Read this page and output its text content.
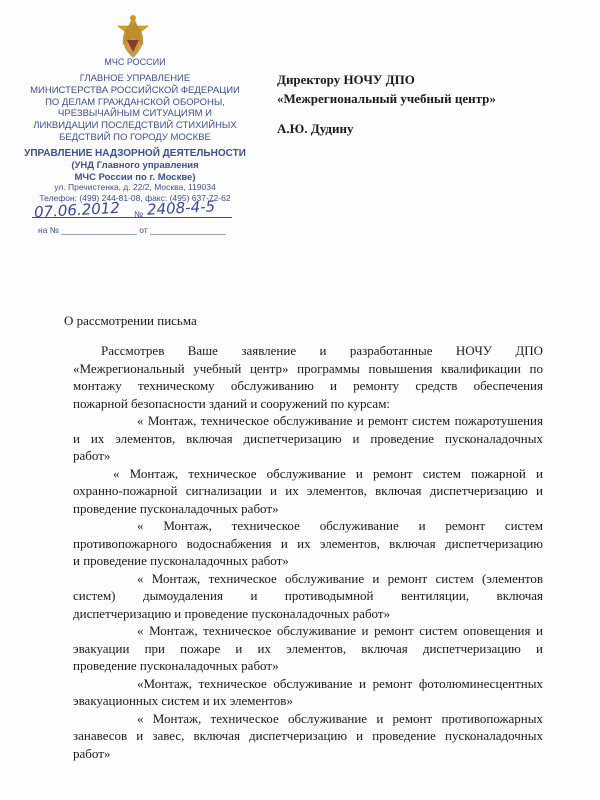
МЧС РОССИИ
ГЛАВНОЕ УПРАВЛЕНИЕ
МИНИСТЕРСТВА РОССИЙСКОЙ ФЕДЕРАЦИИ
ПО ДЕЛАМ ГРАЖДАНСКОЙ ОБОРОНЫ,
ЧРЕЗВЫЧАЙНЫМ СИТУАЦИЯМ И
ЛИКВИДАЦИИ ПОСЛЕДСТВИЙ СТИХИЙНЫХ
БЕДСТВИЙ ПО ГОРОДУ МОСКВЕ
УПРАВЛЕНИЕ НАДЗОРНОЙ ДЕЯТЕЛЬНОСТИ
(УНД Главного управления
МЧС России по г. Москве)
ул. Пречистенка, д. 22/2, Москва, 119034
Телефон: (499) 244-81-08, факс: (495) 637-72-62
07.06.2012 № 2408-4-5
на № ________________ от ________________
Директору НОЧУ ДПО
«Межрегиональный учебный центр»
А.Ю. Дудину
О рассмотрении письма

Рассмотрев Ваше заявление и разработанные НОЧУ ДПО

«Межрегиональный учебный центр» программы повышения квалификации по

монтажу техническому обслуживанию и ремонту средств обеспечения

пожарной безопасности зданий и сооружений по курсам:

« Монтаж, техническое обслуживание и ремонт систем пожаротушения

и их элементов, включая диспетчеризацию и проведение пусконаладочных

работ»

« Монтаж, техническое обслуживание и ремонт систем пожарной и

охранно-пожарной сигнализации и их элементов, включая диспетчеризацию и

проведение пусконаладочных работ»

« Монтаж, техническое обслуживание и ремонт систем

противопожарного водоснабжения и их элементов, включая диспетчеризацию

и проведение пусконаладочных работ»

« Монтаж, техническое обслуживание и ремонт систем (элементов

систем) дымоудаления и противодымной вентиляции, включая

диспетчеризацию и проведение пусконаладочных работ»

« Монтаж, техническое обслуживание и ремонт систем оповещения и

эвакуации при пожаре и их элементов, включая диспетчеризацию и

проведение пусконаладочных работ»

«Монтаж, техническое обслуживание и ремонт фотолюминесцентных

эвакуационных систем и их элементов»

« Монтаж, техническое обслуживание и ремонт противопожарных

занавесов и завес, включая диспетчеризацию и проведение пусконаладочных

работ»
